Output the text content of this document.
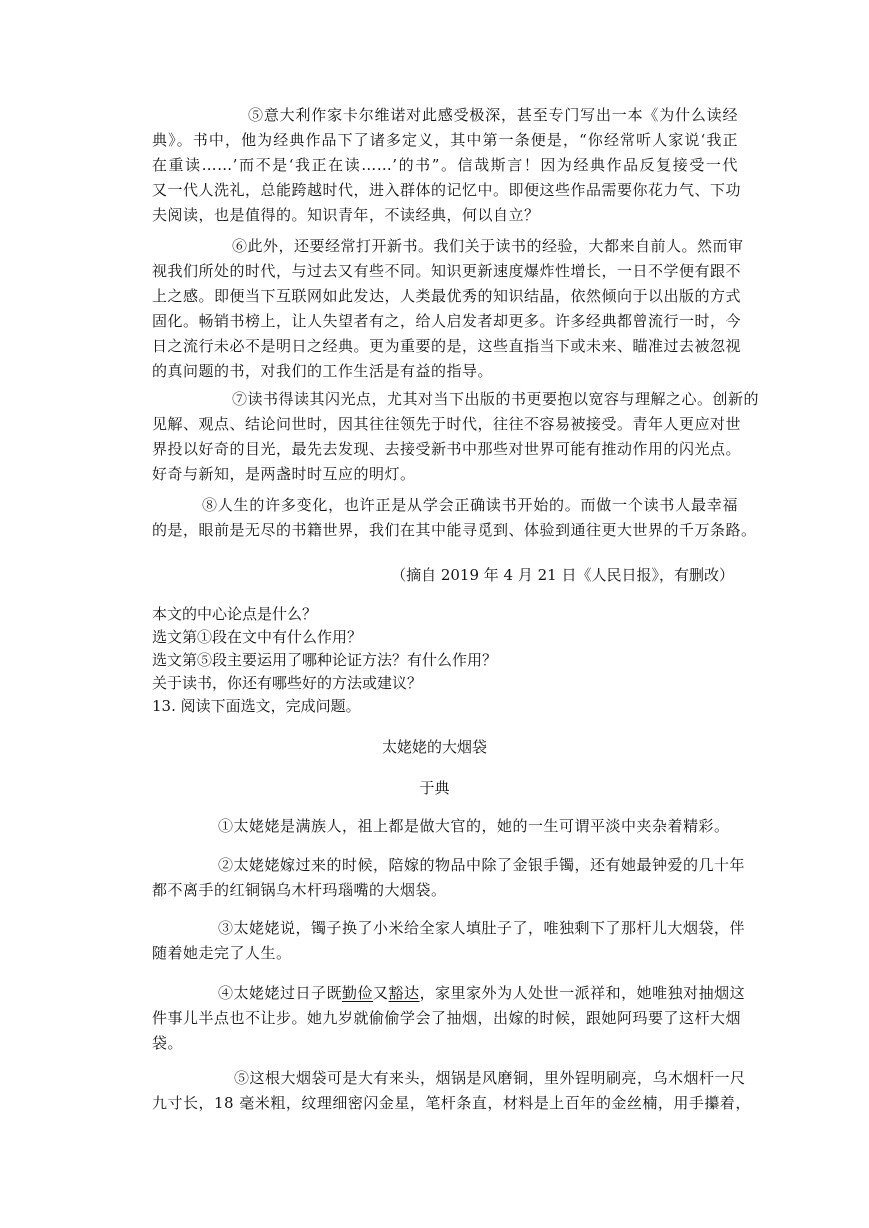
⑤意大利作家卡尔维诺对此感受极深，甚至专门写出一本《为什么读经
典》。书中，他为经典作品下了诸多定义，其中第一条便是，“你经常听人家说‘我正
在重读……’而不是‘我正在读……’的书”。信哉斯言！因为经典作品反复接受一代
又一代人洗礼，总能跨越时代，进入群体的记忆中。即便这些作品需要你花力气、下功
夫阅读，也是值得的。知识青年，不读经典，何以自立？

⑥此外，还要经常打开新书。我们关于读书的经验，大都来自前人。然而审
视我们所处的时代，与过去又有些不同。知识更新速度爆炸性增长，一日不学便有跟不
上之感。即便当下互联网如此发达，人类最优秀的知识结晶，依然倾向于以出版的方式
固化。畅销书榜上，让人失望者有之，给人启发者却更多。许多经典都曾流行一时，今
日之流行未必不是明日之经典。更为重要的是，这些直指当下或未来、瞄准过去被忽视
的真问题的书，对我们的工作生活是有益的指导。

⑦读书得读其闪光点，尤其对当下出版的书更要抱以宽容与理解之心。创新的
见解、观点、结论问世时，因其往往领先于时代，往往不容易被接受。青年人更应对世
界投以好奇的目光，最先去发现、去接受新书中那些对世界可能有推动作用的闪光点。
好奇与新知，是两盏时时互应的明灯。

⑧人生的许多变化，也许正是从学会正确读书开始的。而做一个读书人最幸福
的是，眼前是无尽的书籍世界，我们在其中能寻觅到、体验到通往更大世界的千万条路。

（摘自 2019 年 4 月 21 日《人民日报》，有删改）
本文的中心论点是什么？
选文第①段在文中有什么作用？
选文第⑤段主要运用了哪种论证方法？有什么作用？
关于读书，你还有哪些好的方法或建议？
13. 阅读下面选文，完成问题。
太姥姥的大烟袋
于典

①太姥姥是满族人，祖上都是做大官的，她的一生可谓平淡中夹杂着精彩。

②太姥姥嫁过来的时候，陪嫁的物品中除了金银手镯，还有她最钟爱的几十年
都不离手的红铜锅乌木杆玛瑙嘴的大烟袋。

③太姥姥说，镯子换了小米给全家人填肚子了，唯独剩下了那杆儿大烟袋，伴
随着她走完了人生。

④太姥姥过日子既勤俭又豁达，家里家外为人处世一派祥和，她唯独对抽烟这
件事儿半点也不让步。她九岁就偷偷学会了抽烟，出嫁的时候，跟她阿玛要了这杆大烟
袋。

⑤这根大烟袋可是大有来头，烟锅是风磨铜，里外锃明刷亮，乌木烟杆一尺
九寸长，18 毫米粗，纹理细密闪金星，笔杆条直，材料是上百年的金丝楠，用手攥着，
